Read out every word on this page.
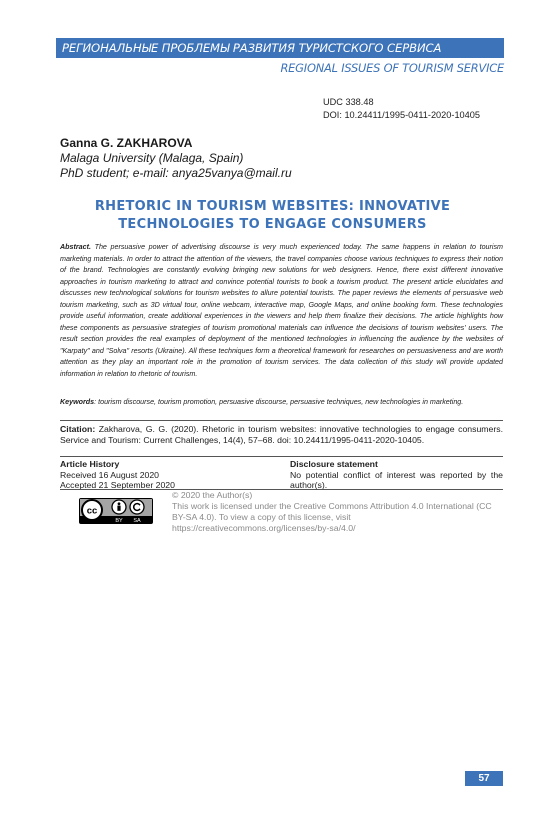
РЕГИОНАЛЬНЫЕ ПРОБЛЕМЫ РАЗВИТИЯ ТУРИСТСКОГО СЕРВИСА
REGIONAL ISSUES OF TOURISM SERVICE
UDC 338.48
DOI: 10.24411/1995-0411-2020-10405
Ganna G. ZAKHAROVA
Malaga University (Malaga, Spain)
PhD student; e-mail: anya25vanya@mail.ru
RHETORIC IN TOURISM WEBSITES: INNOVATIVE
TECHNOLOGIES TO ENGAGE CONSUMERS
Abstract. The persuasive power of advertising discourse is very much experienced today. The same happens in relation to tourism marketing materials. In order to attract the attention of the viewers, the travel companies choose various techniques to express their notion of the brand. Technologies are constantly evolving bringing new solutions for web designers. Hence, there exist different innovative approaches in tourism marketing to attract and convince potential tourists to book a tourism product. The present article elucidates and discusses new technological solutions for tourism websites to allure potential tourists. The paper reviews the elements of persuasive web tourism marketing, such as 3D virtual tour, online webcam, interactive map, Google Maps, and online booking form. These technologies provide useful information, create additional experiences in the viewers and help them finalize their decisions. The article highlights how these components as persuasive strategies of tourism promotional materials can influence the decisions of tourism websites' users. The result section provides the real examples of deployment of the mentioned technologies in influencing the audience by the websites of "Karpaty" and "Solva" resorts (Ukraine). All these techniques form a theoretical framework for researches on persuasiveness and are worth attention as they play an important role in the promotion of tourism services. The data collection of this study will provide updated information in relation to rhetoric of tourism.
Keywords: tourism discourse, tourism promotion, persuasive discourse, persuasive techniques, new technologies in marketing.
Citation: Zakharova, G. G. (2020). Rhetoric in tourism websites: innovative technologies to engage consumers. Service and Tourism: Current Challenges, 14(4), 57–68. doi: 10.24411/1995-0411-2020-10405.
Article History
Received 16 August 2020
Accepted 21 September 2020
Disclosure statement
No potential conflict of interest was reported by the author(s).
cc
BY SA
© 2020 the Author(s)
This work is licensed under the Creative Commons Attribution 4.0 International (CC BY-SA 4.0). To view a copy of this license, visit https://creativecommons.org/licenses/by-sa/4.0/
57
